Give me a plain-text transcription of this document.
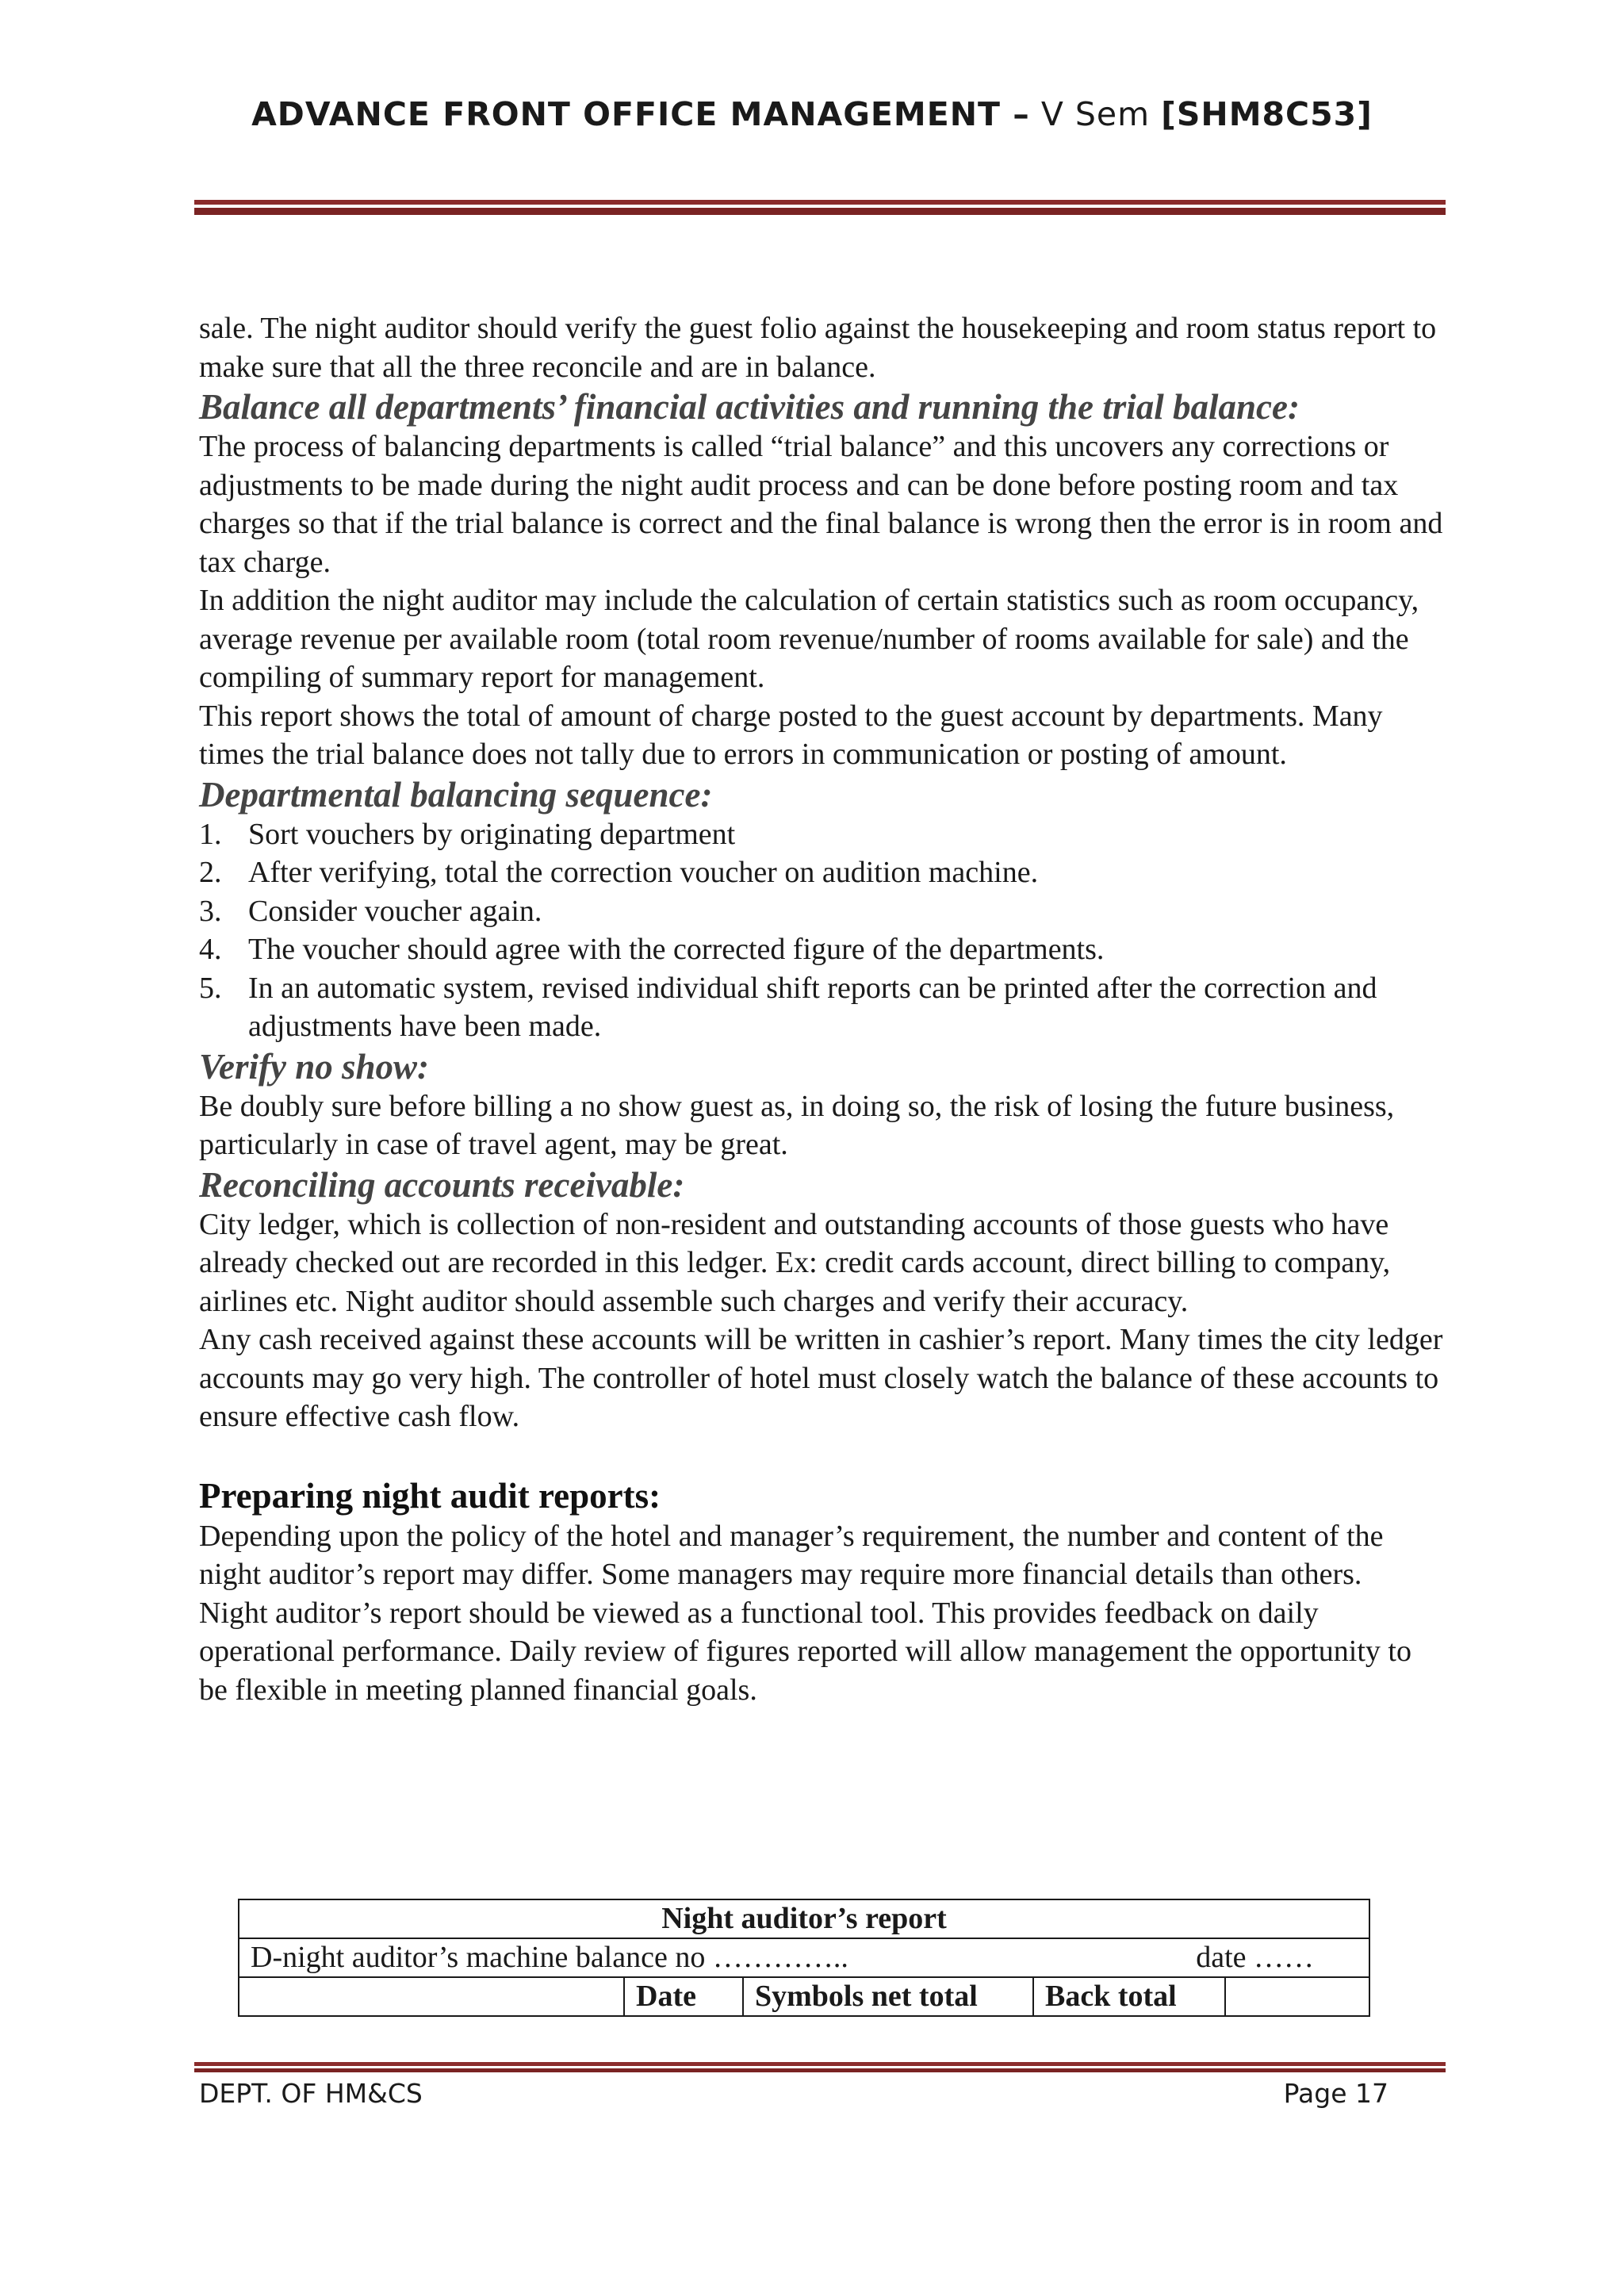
ADVANCE FRONT OFFICE MANAGEMENT – V Sem [SHM8C53]

sale. The night auditor should verify the guest folio against the housekeeping and room status report to make sure that all the three reconcile and are in balance.

Balance all departments’ financial activities and running the trial balance:

The process of balancing departments is called “trial balance” and this uncovers any corrections or adjustments to be made during the night audit process and can be done before posting room and tax charges so that if the trial balance is correct and the final balance is wrong then the error is in room and tax charge.

In addition the night auditor may include the calculation of certain statistics such as room occupancy, average revenue per available room (total room revenue/number of rooms available for sale) and the compiling of summary report for management.

This report shows the total of amount of charge posted to the guest account by departments. Many times the trial balance does not tally due to errors in communication or posting of amount.

Departmental balancing sequence:
1. Sort vouchers by originating department
2. After verifying, total the correction voucher on audition machine.
3. Consider voucher again.
4. The voucher should agree with the corrected figure of the departments.
5. In an automatic system, revised individual shift reports can be printed after the correction and adjustments have been made.
Verify no show:

Be doubly sure before billing a no show guest as, in doing so, the risk of losing the future business, particularly in case of travel agent, may be great.

Reconciling accounts receivable:

City ledger, which is collection of non-resident and outstanding accounts of those guests who have already checked out are recorded in this ledger. Ex: credit cards account, direct billing to company, airlines etc. Night auditor should assemble such charges and verify their accuracy.

Any cash received against these accounts will be written in cashier’s report. Many times the city ledger accounts may go very high. The controller of hotel must closely watch the balance of these accounts to ensure effective cash flow.

Preparing night audit reports:

Depending upon the policy of the hotel and manager’s requirement, the number and content of the night auditor’s report may differ. Some managers may require more financial details than others.

Night auditor’s report should be viewed as a functional tool. This provides feedback on daily operational performance. Daily review of figures reported will allow management the opportunity to be flexible in meeting planned financial goals.

Night auditor’s report

D-night auditor’s machine balance no …………..	date ……

	Date	Symbols net total	Back total	
DEPT. OF HM&CS	Page 17
